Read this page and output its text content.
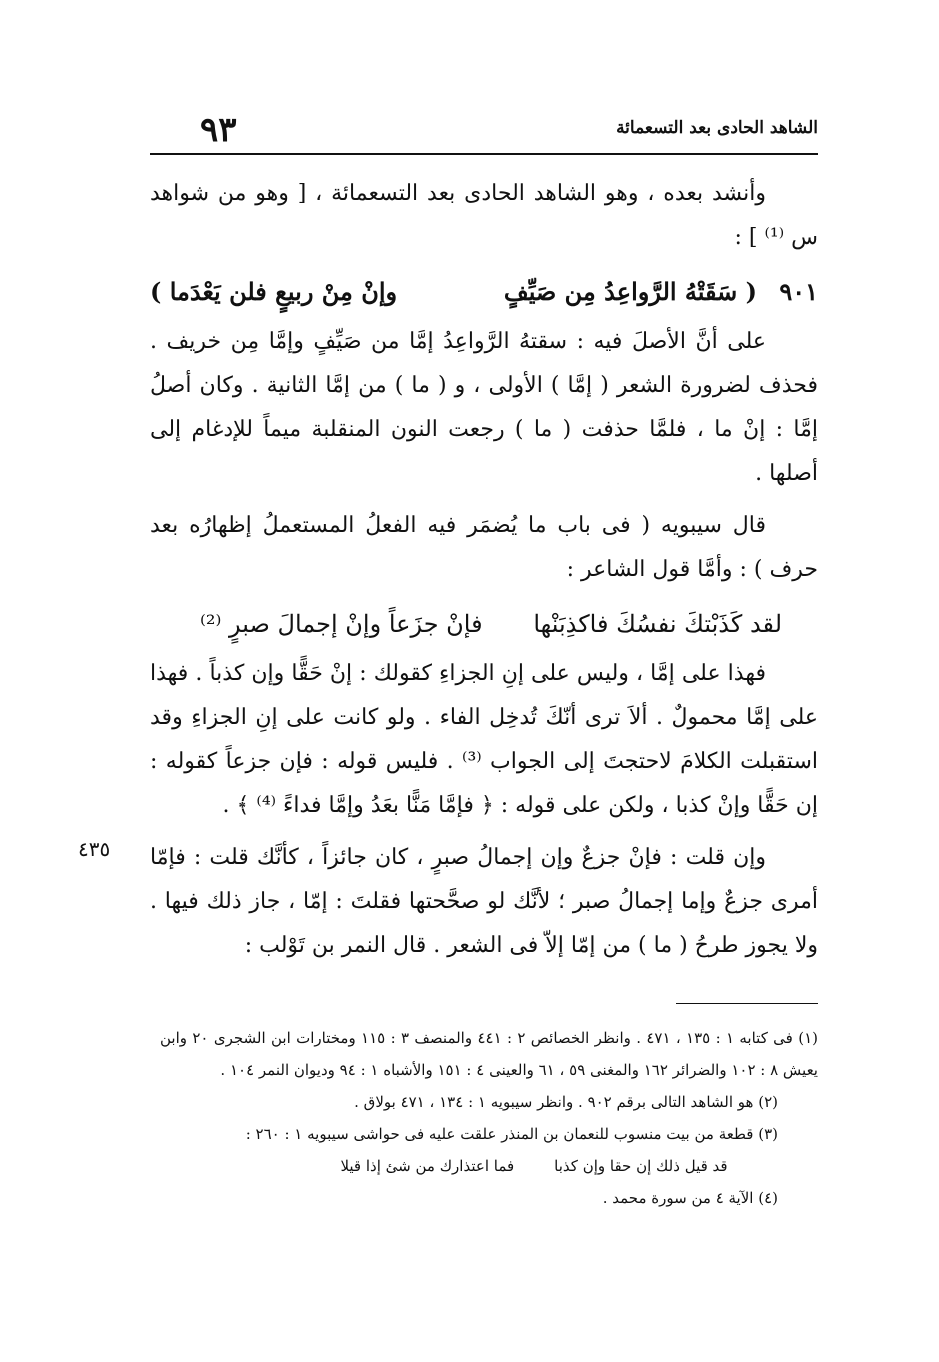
الشاهد الحادى بعد التسعمائة
٩٣
٤٣٥

وأنشد بعده ، وهو الشاهد الحادى بعد التسعمائة ، [ وهو من شواهد س ⁽¹⁾ ] :

٩٠١ ( سَقَتْهُ الرَّواعِدُ مِن صَيِّفٍ
وإنْ مِنْ ربيعٍ فلن يَعْدَما )

على أنَّ الأصلَ فيه : سقتهُ الرَّواعِدُ إمَّا من صَيِّفٍ وإمَّا مِن خريف . فحذف لضرورة الشعر ( إمَّا ) الأولى ، و ( ما ) من إمَّا الثانية . وكان أصلُ إمَّا : إنْ ما ، فلمَّا حذفت ( ما ) رجعت النون المنقلبة ميماً للإدغام إلى أصلها .

قال سيبويه ( فى باب ما يُضمَر فيه الفعلُ المستعملُ إظهارُه بعد حرف ) : وأمَّا قول الشاعر :

لقد كَذَبْتكَ نفسُكَ فاكذِبَنْها
فإنْ جزَعاً وإنْ إجمالَ صبرٍ ⁽²⁾

فهذا على إمَّا ، وليس على إنِ الجزاءِ كقولك : إنْ حَقًّا وإن كذباً . فهذا على إمَّا محمولٌ . ألاَ ترى أنّكَ تُدخِل الفاء . ولو كانت على إنِ الجزاءِ وقد استقبلت الكلامَ لاحتجتَ إلى الجواب ⁽³⁾ . فليس قوله : فإن جزعاً كقوله : إن حَقًّا وإنْ كذبا ، ولكن على قوله : ﴿ فإمَّا مَنًّا بعَدُ وإمَّا فداءً ⁽⁴⁾ ﴾ .

وإن قلت : فإنْ جزعٌ وإن إجمالُ صبرٍ ، كان جائزاً ، كأنَّك قلت : فإمّا أمرى جزعٌ وإما إجمالُ صبر ؛ لأنَّك لو صحَّحتها فقلتَ : إمّا ، جاز ذلك فيها . ولا يجوز طرحُ ( ما ) من إمّا إلاّ فى الشعر . قال النمر بن تَوْلب :

(١) فى كتابه ١ : ١٣٥ ، ٤٧١ . وانظر الخصائص ٢ : ٤٤١ والمنصف ٣ : ١١٥ ومختارات ابن الشجرى ٢٠ وابن يعيش ٨ : ١٠٢ والضرائر ١٦٢ والمغنى ٥٩ ، ٦١ والعينى ٤ : ١٥١ والأشباه ١ : ٩٤ وديوان النمر ١٠٤ .

(٢) هو الشاهد التالى برقم ٩٠٢ . وانظر سيبويه ١ : ١٣٤ ، ٤٧١ بولاق .

(٣) قطعة من بيت منسوب للنعمان بن المنذر علقت عليه فى حواشى سيبويه ١ : ٢٦٠ :

قد قيل ذلك إن حقا وإن كذبا
فما اعتذارك من شئ إذا قيلا

(٤) الآية ٤ من سورة محمد .
